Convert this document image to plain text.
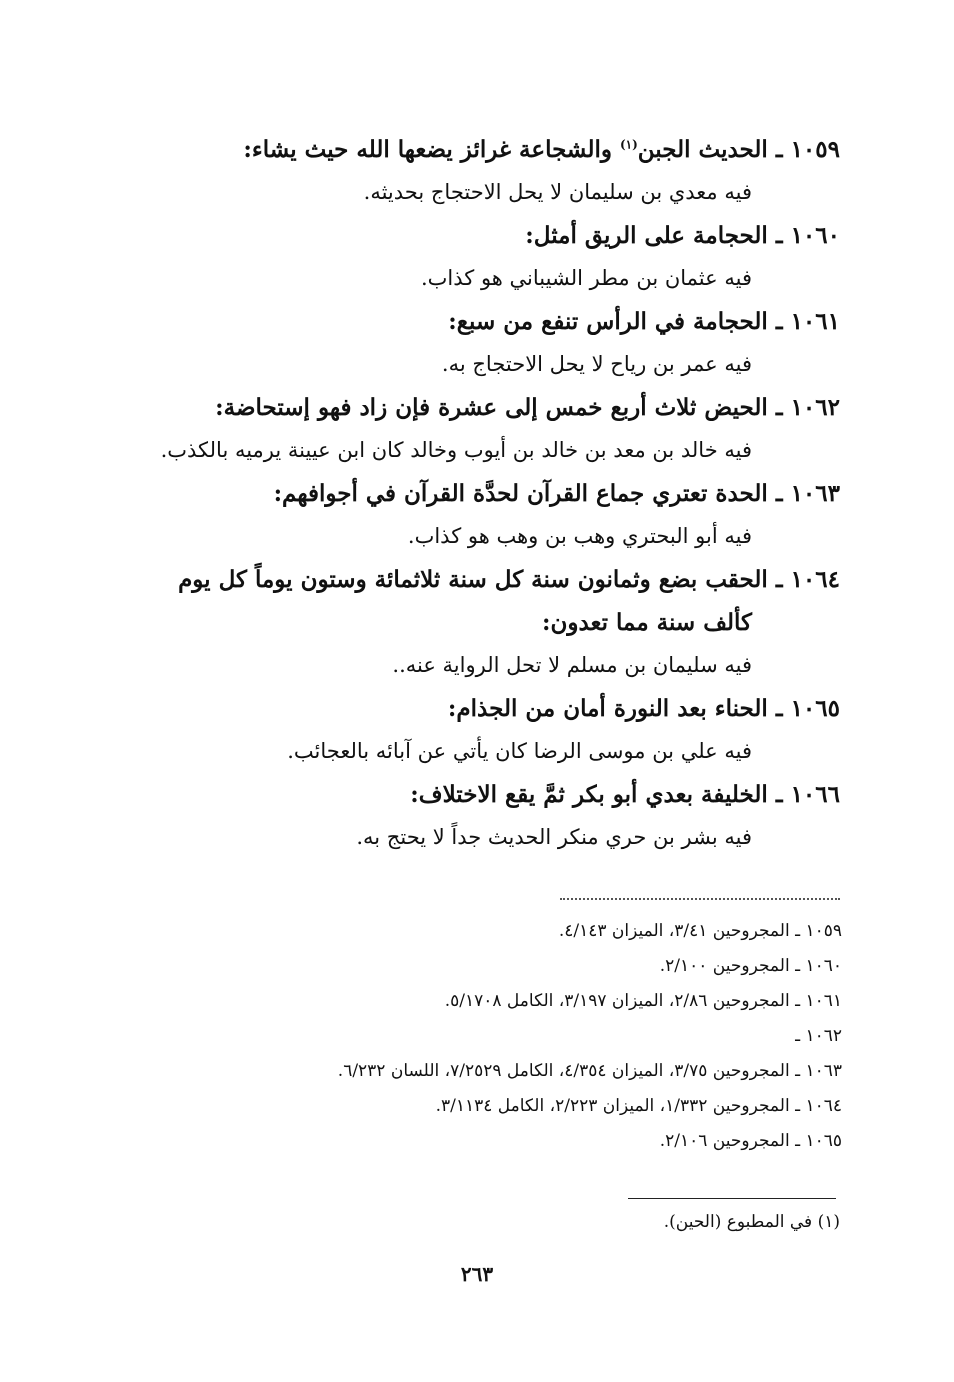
١٠٥٩ ـ الحديث الجبن$^{(١)}$ والشجاعة غرائز يضعها الله حيث يشاء:
فيه معدي بن سليمان لا يحل الاحتجاج بحديثه.
١٠٦٠ ـ الحجامة على الريق أمثل:
فيه عثمان بن مطر الشيباني هو كذاب.
١٠٦١ ـ الحجامة في الرأس تنفع من سبع:
فيه عمر بن رياح لا يحل الاحتجاج به.
١٠٦٢ ـ الحيض ثلاث أربع خمس إلى عشرة فإن زاد فهو إستحاضة:
فيه خالد بن معد بن خالد بن أيوب وخالد كان ابن عيينة يرميه بالكذب.
١٠٦٣ ـ الحدة تعتري جماع القرآن لحدَّة القرآن في أجوافهم:
فيه أبو البحتري وهب بن وهب هو كذاب.
١٠٦٤ ـ الحقب بضع وثمانون سنة كل سنة ثلاثمائة وستون يوماً كل يوم
كألف سنة مما تعدون:
فيه سليمان بن مسلم لا تحل الرواية عنه..
١٠٦٥ ـ الحناء بعد النورة أمان من الجذام:
فيه علي بن موسى الرضا كان يأتي عن آبائه بالعجائب.
١٠٦٦ ـ الخليفة بعدي أبو بكر ثمَّ يقع الاختلاف:
فيه بشر بن حري منكر الحديث جداً لا يحتج به.
١٠٥٩ ـ المجروحين ٣/٤١، الميزان ٤/١٤٣.
١٠٦٠ ـ المجروحين ٢/١٠٠.
١٠٦١ ـ المجروحين ٢/٨٦، الميزان ٣/١٩٧، الكامل ٥/١٧٠٨.
١٠٦٢ ـ
١٠٦٣ ـ المجروحين ٣/٧٥، الميزان ٤/٣٥٤، الكامل ٧/٢٥٢٩، اللسان ٦/٢٣٢.
١٠٦٤ ـ المجروحين ١/٣٣٢، الميزان ٢/٢٢٣، الكامل ٣/١١٣٤.
١٠٦٥ ـ المجروحين ٢/١٠٦.
(١) في المطبوع (الحين).
٢٦٣
